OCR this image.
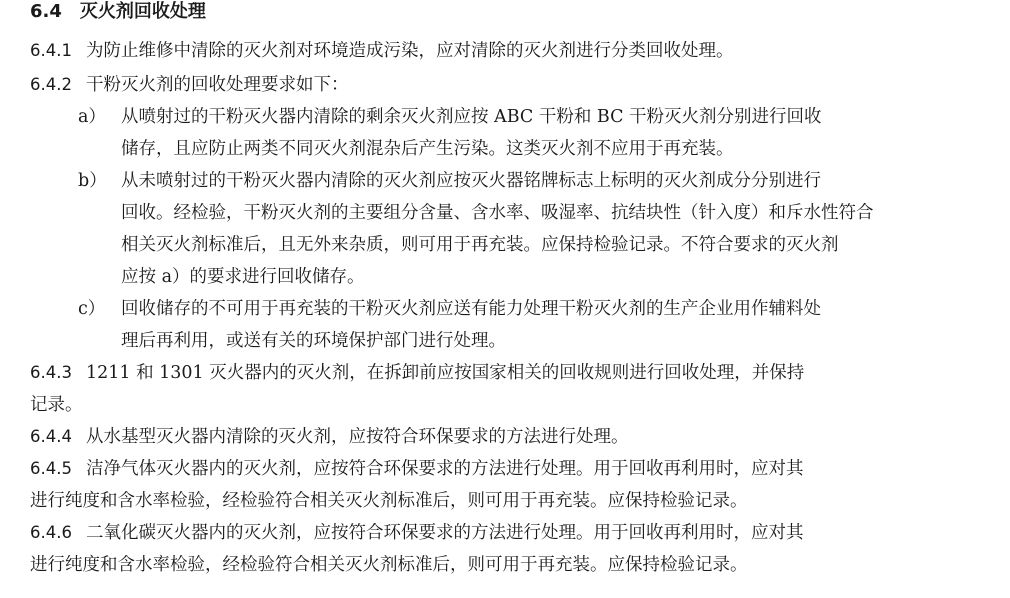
6.4 灭火剂回收处理
6.4.1 为防止维修中清除的灭火剂对环境造成污染，应对清除的灭火剂进行分类回收处理。
6.4.2 干粉灭火剂的回收处理要求如下：
a） 从喷射过的干粉灭火器内清除的剩余灭火剂应按 ABC 干粉和 BC 干粉灭火剂分别进行回收
储存，且应防止两类不同灭火剂混杂后产生污染。这类灭火剂不应用于再充装。
b） 从未喷射过的干粉灭火器内清除的灭火剂应按灭火器铭牌标志上标明的灭火剂成分分别进行
回收。经检验，干粉灭火剂的主要组分含量、含水率、吸湿率、抗结块性（针入度）和斥水性符合
相关灭火剂标准后，且无外来杂质，则可用于再充装。应保持检验记录。不符合要求的灭火剂
应按 a）的要求进行回收储存。
c） 回收储存的不可用于再充装的干粉灭火剂应送有能力处理干粉灭火剂的生产企业用作辅料处
理后再利用，或送有关的环境保护部门进行处理。
6.4.3 1211 和 1301 灭火器内的灭火剂，在拆卸前应按国家相关的回收规则进行回收处理，并保持
记录。
6.4.4 从水基型灭火器内清除的灭火剂，应按符合环保要求的方法进行处理。
6.4.5 洁净气体灭火器内的灭火剂，应按符合环保要求的方法进行处理。用于回收再利用时，应对其
进行纯度和含水率检验，经检验符合相关灭火剂标准后，则可用于再充装。应保持检验记录。
6.4.6 二氧化碳灭火器内的灭火剂，应按符合环保要求的方法进行处理。用于回收再利用时，应对其
进行纯度和含水率检验，经检验符合相关灭火剂标准后，则可用于再充装。应保持检验记录。
